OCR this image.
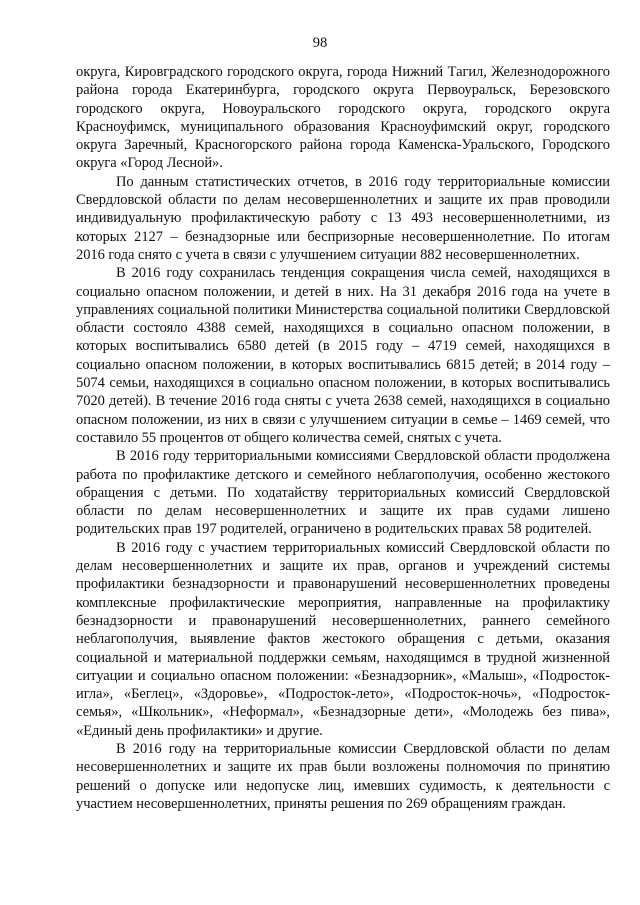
98

округа, Кировградского городского округа, города Нижний Тагил, Железнодорожного района города Екатеринбурга, городского округа Первоуральск, Березовского городского округа, Новоуральского городского округа, городского округа Красноуфимск, муниципального образования Красноуфимский округ, городского округа Заречный, Красногорского района города Каменска-Уральского, Городского округа «Город Лесной».

По данным статистических отчетов, в 2016 году территориальные комиссии Свердловской области по делам несовершеннолетних и защите их прав проводили индивидуальную профилактическую работу с 13 493 несовершеннолетними, из которых 2127 – безнадзорные или беспризорные несовершеннолетние. По итогам 2016 года снято с учета в связи с улучшением ситуации 882 несовершеннолетних.

В 2016 году сохранилась тенденция сокращения числа семей, находящихся в социально опасном положении, и детей в них. На 31 декабря 2016 года на учете в управлениях социальной политики Министерства социальной политики Свердловской области состояло 4388 семей, находящихся в социально опасном положении, в которых воспитывались 6580 детей (в 2015 году – 4719 семей, находящихся в социально опасном положении, в которых воспитывались 6815 детей; в 2014 году – 5074 семьи, находящихся в социально опасном положении, в которых воспитывались 7020 детей). В течение 2016 года сняты с учета 2638 семей, находящихся в социально опасном положении, из них в связи с улучшением ситуации в семье – 1469 семей, что составило 55 процентов от общего количества семей, снятых с учета.

В 2016 году территориальными комиссиями Свердловской области продолжена работа по профилактике детского и семейного неблагополучия, особенно жестокого обращения с детьми. По ходатайству территориальных комиссий Свердловской области по делам несовершеннолетних и защите их прав судами лишено родительских прав 197 родителей, ограничено в родительских правах 58 родителей.

В 2016 году с участием территориальных комиссий Свердловской области по делам несовершеннолетних и защите их прав, органов и учреждений системы профилактики безнадзорности и правонарушений несовершеннолетних проведены комплексные профилактические мероприятия, направленные на профилактику безнадзорности и правонарушений несовершеннолетних, раннего семейного неблагополучия, выявление фактов жестокого обращения с детьми, оказания социальной и материальной поддержки семьям, находящимся в трудной жизненной ситуации и социально опасном положении: «Безнадзорник», «Малыш», «Подросток-игла», «Беглец», «Здоровье», «Подросток-лето», «Подросток-ночь», «Подросток-семья», «Школьник», «Неформал», «Безнадзорные дети», «Молодежь без пива», «Единый день профилактики» и другие.

В 2016 году на территориальные комиссии Свердловской области по делам несовершеннолетних и защите их прав были возложены полномочия по принятию решений о допуске или недопуске лиц, имевших судимость, к деятельности с участием несовершеннолетних, приняты решения по 269 обращениям граждан.
